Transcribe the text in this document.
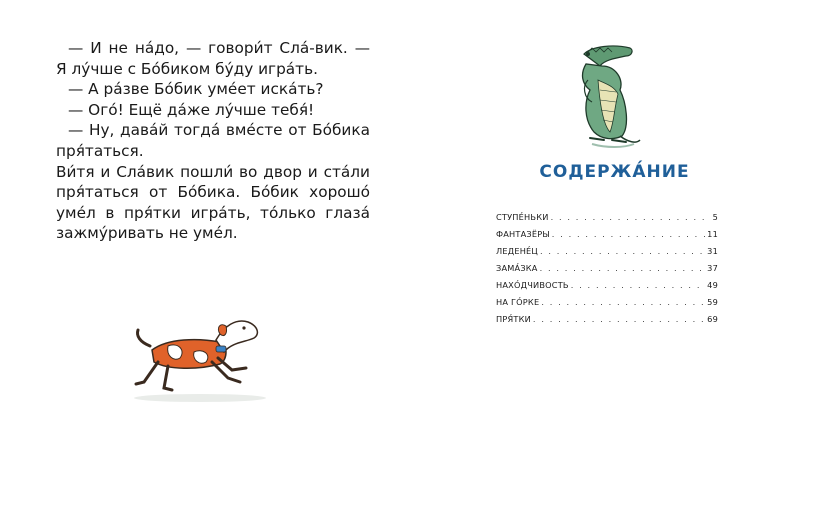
— И не на́до, — говори́т Сла́-вик. — Я лу́чше с Бо́биком бу́ду игра́ть.

— А ра́зве Бо́бик уме́ет иска́ть?

— Ого́! Ещё да́же лу́чше тебя́!

— Ну, дава́й тогда́ вме́сте от Бо́бика пря́таться.

Ви́тя и Сла́вик пошли́ во двор и ста́ли пря́таться от Бо́бика. Бо́бик хорошо́ уме́л в пря́тки игра́ть, то́лько глаза́ зажму́ривать не уме́л.

СОДЕРЖА́НИЕ
СТУПЕ́НЬКИ . . .	5
ФАНТАЗЁРЫ . . .	11
ЛЕДЕНЕ́Ц . . .	31
ЗАМА́ЗКА . . .	37
НАХО́ДЧИВОСТЬ . . .	49
НА ГО́РКЕ . . .	59
ПРЯ́ТКИ . . .	69
